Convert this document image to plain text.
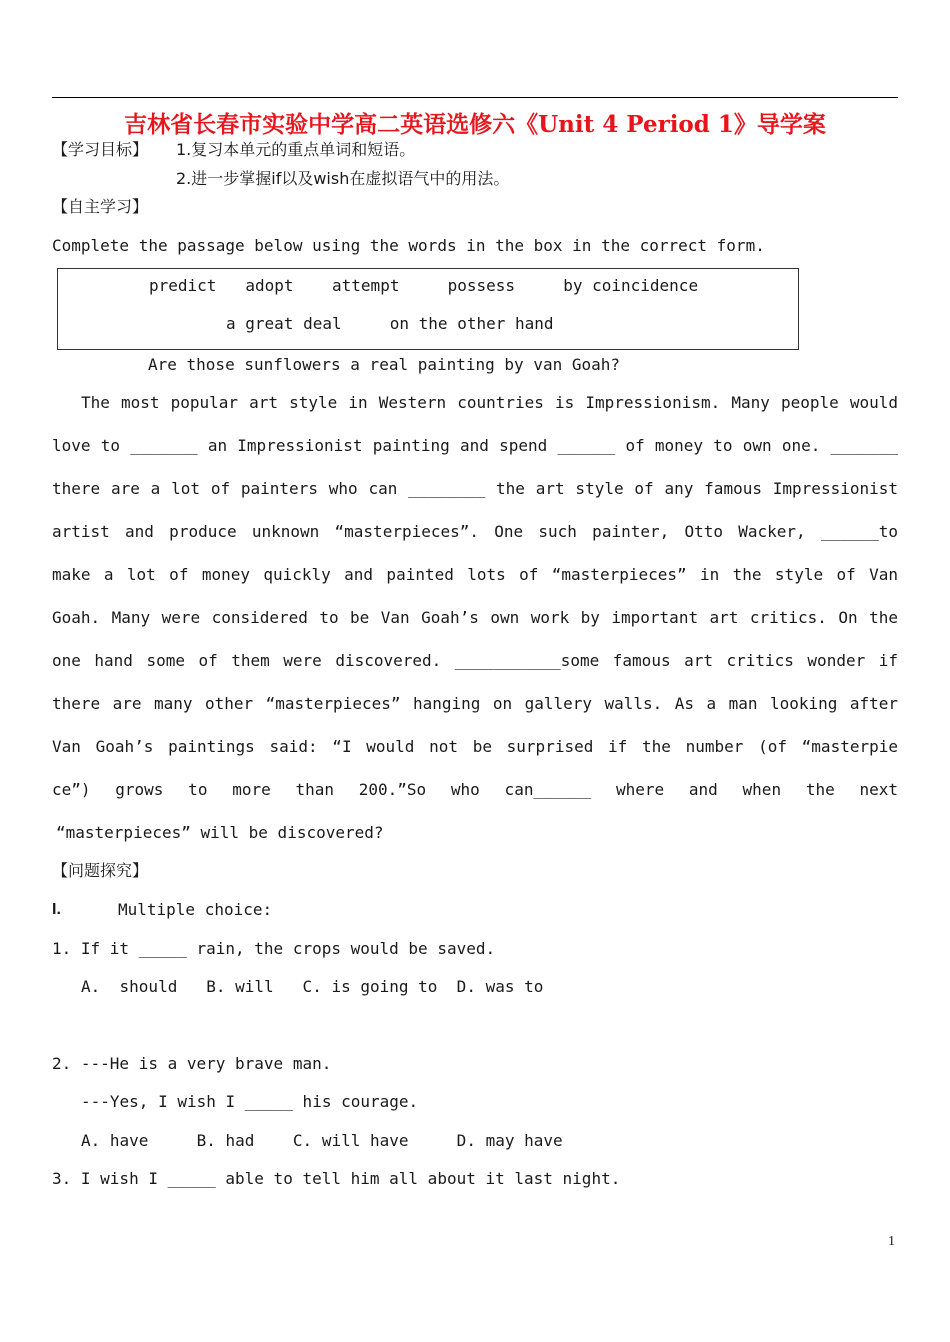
吉林省长春市实验中学高二英语选修六《Unit 4 Period 1》导学案
【学习目标】 1.复习本单元的重点单词和短语。
2.进一步掌握if以及wish在虚拟语气中的用法。
【自主学习】
Complete the passage below using the words in the box in the correct form.
predict   adopt    attempt     possess     by coincidence
a great deal     on the other hand
Are those sunflowers a real painting by van Goah?
The most popular art style in Western countries is Impressionism. Many people would
love to _______ an Impressionist painting and spend ______ of money to own one. _______
there are a lot of painters who can ________ the art style of any famous Impressionist
artist and produce unknown “masterpieces”. One such painter, Otto Wacker, ______to
make a lot of money quickly and painted lots of “masterpieces” in the style of Van
Goah. Many were considered to be Van Goah’s own work by important art critics. On the
one hand some of them were discovered. ___________some famous art critics wonder if
there are many other “masterpieces” hanging on gallery walls. As a man looking after
Van Goah’s paintings said: “I would not be surprised if the number (of “masterpie
ce”) grows to more than 200.”So who can______ where and when the next
“masterpieces” will be discovered?
【问题探究】
I.	Multiple choice:
1. If it _____ rain, the crops would be saved.
A.  should   B. will   C. is going to  D. was to
2. ---He is a very brave man.
---Yes, I wish I _____ his courage.
A. have     B. had    C. will have     D. may have
3. I wish I _____ able to tell him all about it last night.
1
